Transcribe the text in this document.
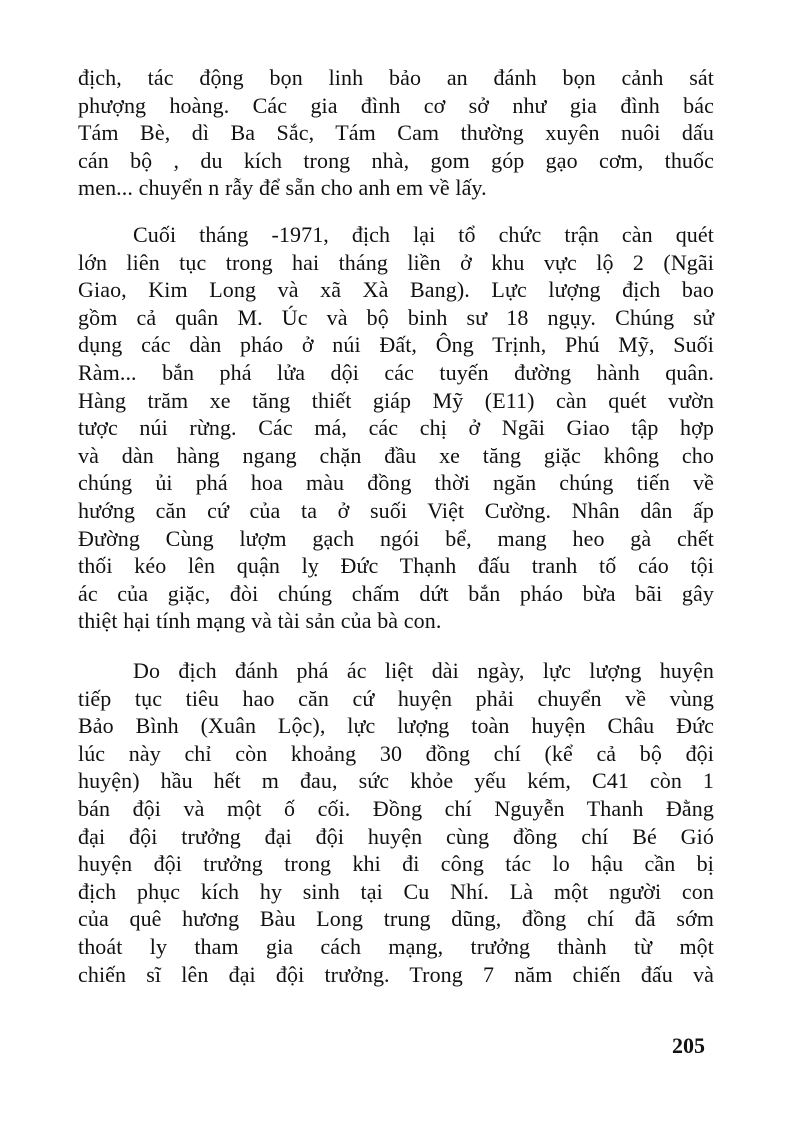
địch, tác động bọn linh bảo an đánh bọn cảnh sát
phượng hoàng. Các gia đình cơ sở như gia đình bác
Tám Bè, dì Ba Sắc, Tám Cam thường xuyên nuôi dấu
cán bộ , du kích trong nhà, gom góp gạo cơm, thuốc
men... chuyển n rẫy để sẵn cho anh em về lấy.
Cuối tháng -1971, địch lại tổ chức trận càn quét
lớn liên tục trong hai tháng liền ở khu vực lộ 2 (Ngãi
Giao, Kim Long và xã Xà Bang). Lực lượng địch bao
gồm cả quân M. Úc và bộ binh sư 18 ngụy. Chúng sử
dụng các dàn pháo ở núi Đất, Ông Trịnh, Phú Mỹ, Suối
Ràm... bắn phá lửa dội các tuyến đường hành quân.
Hàng trăm xe tăng thiết giáp Mỹ (E11) càn quét vườn
tược núi rừng. Các má, các chị ở Ngãi Giao tập hợp
và dàn hàng ngang chặn đầu xe tăng giặc không cho
chúng ủi phá hoa màu đồng thời ngăn chúng tiến về
hướng căn cứ của ta ở suối Việt Cường. Nhân dân ấp
Đường Cùng lượm gạch ngói bể, mang heo gà chết
thối kéo lên quận lỵ Đức Thạnh đấu tranh tố cáo tội
ác của giặc, đòi chúng chấm dứt bắn pháo bừa bãi gây
thiệt hại tính mạng và tài sản của bà con.
Do địch đánh phá ác liệt dài ngày, lực lượng huyện
tiếp tục tiêu hao căn cứ huyện phải chuyển về vùng
Bảo Bình (Xuân Lộc), lực lượng toàn huyện Châu Đức
lúc này chỉ còn khoảng 30 đồng chí (kể cả bộ đội
huyện) hầu hết m đau, sức khỏe yếu kém, C41 còn 1
bán đội và một ố cối. Đồng chí Nguyễn Thanh Đằng
đại đội trưởng đại đội huyện cùng đồng chí Bé Gió
huyện đội trưởng trong khi đi công tác lo hậu cần bị
địch phục kích hy sinh tại Cu Nhí. Là một người con
của quê hương Bàu Long trung dũng, đồng chí đã sớm
thoát ly tham gia cách mạng, trưởng thành từ một
chiến sĩ lên đại đội trưởng. Trong 7 năm chiến đấu và
205
